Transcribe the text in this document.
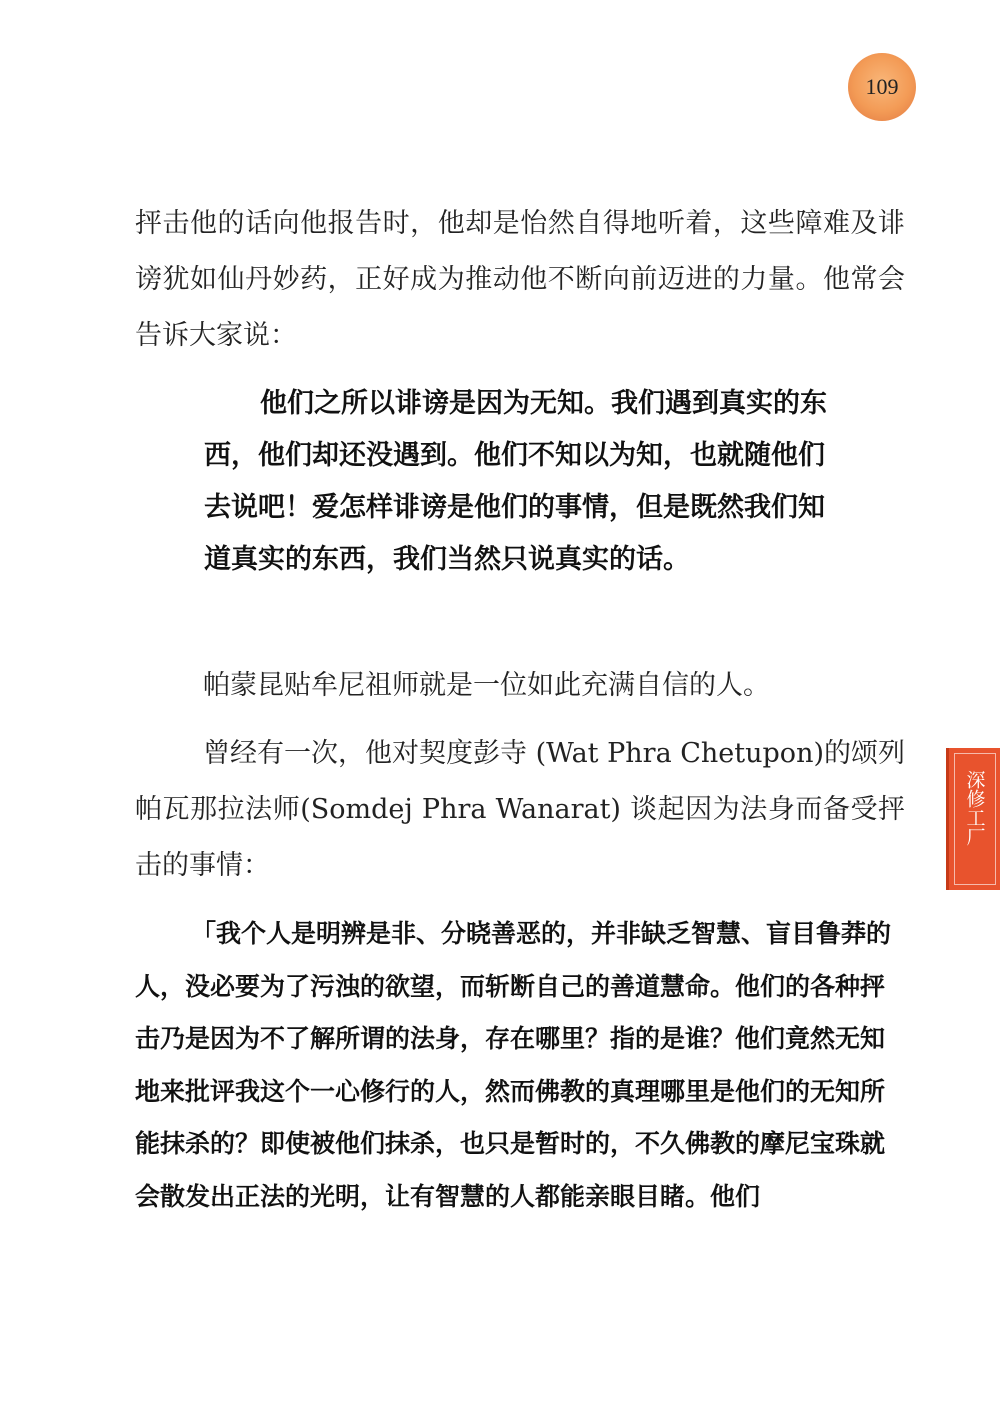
109
深修工厂

抨击他的话向他报告时，他却是怡然自得地听着，这些障难及诽谤犹如仙丹妙药，正好成为推动他不断向前迈进的力量。他常会告诉大家说：

他们之所以诽谤是因为无知。我们遇到真实的东西，他们却还没遇到。他们不知以为知，也就随他们去说吧！爱怎样诽谤是他们的事情，但是既然我们知道真实的东西，我们当然只说真实的话。

帕蒙昆贴牟尼祖师就是一位如此充满自信的人。

曾经有一次，他对契度彭寺 (Wat Phra Chetupon)的颂列帕瓦那拉法师(Somdej Phra Wanarat) 谈起因为法身而备受抨击的事情：

「我个人是明辨是非、分晓善恶的，并非缺乏智慧、盲目鲁莽的人，没必要为了污浊的欲望，而斩断自己的善道慧命。他们的各种抨击乃是因为不了解所谓的法身，存在哪里？指的是谁？他们竟然无知地来批评我这个一心修行的人，然而佛教的真理哪里是他们的无知所能抹杀的？即使被他们抹杀，也只是暂时的，不久佛教的摩尼宝珠就会散发出正法的光明，让有智慧的人都能亲眼目睹。他们
